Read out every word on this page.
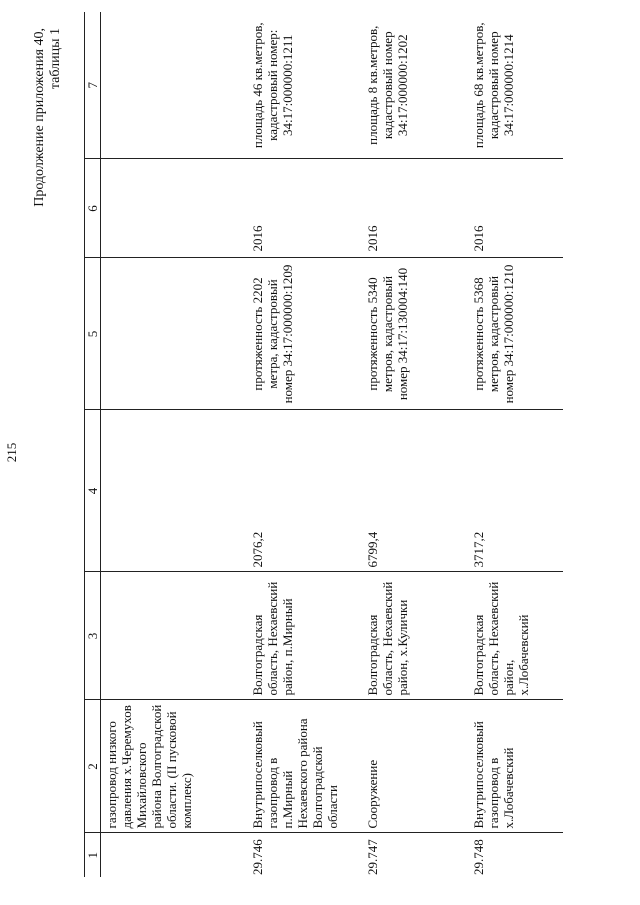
215
Продолжение приложения 40, таблицы 1
1	2	3	4	5	6	7
	газопровод низкого давления х.Черемухов Михайловского района Волгоградской области. (II пусковой комплекс)					
29.746	Внутрипоселковый газопровод в п.Мирный Нехаевского района Волгоградской области	Волгоградская область, Нехаевский район, п.Мирный	2076,2	протяженность 2202 метра, кадастровый номер 34:17:000000:1209	2016	площадь 46 кв.метров, кадастровый номер: 34:17:000000:1211
29.747	Сооружение	Волгоградская область, Нехаевский район, х.Кулички	6799,4	протяженность 5340 метров, кадастровый номер 34:17:130004:140	2016	площадь 8 кв.метров, кадастровый номер 34:17:000000:1202
29.748	Внутрипоселковый газопровод в х.Лобачевский	Волгоградская область, Нехаевский район, х.Лобачевский	3717,2	протяженность 5368 метров, кадастровый номер 34:17:000000:1210	2016	площадь 68 кв.метров, кадастровый номер 34:17:000000:1214
